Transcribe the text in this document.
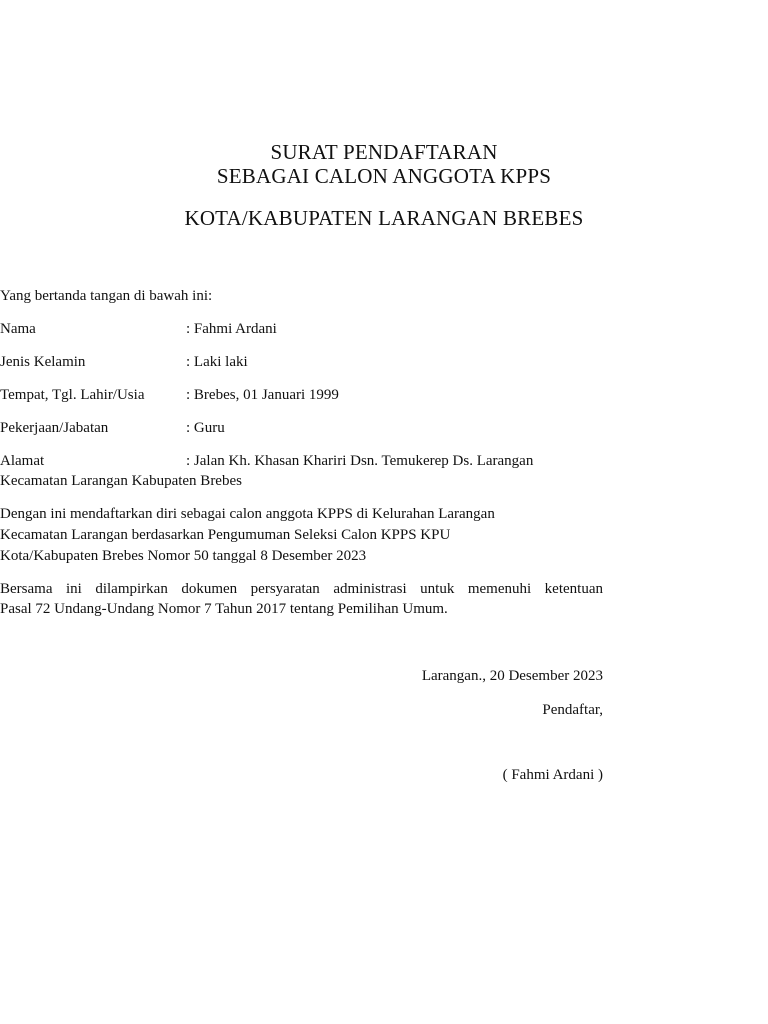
SURAT PENDAFTARAN
SEBAGAI CALON ANGGOTA KPPS
KOTA/KABUPATEN LARANGAN BREBES
Yang bertanda tangan di bawah ini:
Nama	: Fahmi Ardani
Jenis Kelamin	: Laki laki
Tempat, Tgl. Lahir/Usia	: Brebes, 01 Januari 1999
Pekerjaan/Jabatan	: Guru
Alamat	: Jalan Kh. Khasan Khariri Dsn. Temukerep Ds. Larangan
Kecamatan Larangan Kabupaten Brebes
Dengan ini mendaftarkan diri sebagai calon anggota KPPS di Kelurahan Larangan
Kecamatan Larangan berdasarkan Pengumuman Seleksi Calon KPPS KPU
Kota/Kabupaten Brebes Nomor 50 tanggal 8 Desember 2023
Bersama ini dilampirkan dokumen persyaratan administrasi untuk memenuhi ketentuan
Pasal 72 Undang-Undang Nomor 7 Tahun 2017 tentang Pemilihan Umum.
Larangan., 20 Desember 2023
Pendaftar,
( Fahmi Ardani )
